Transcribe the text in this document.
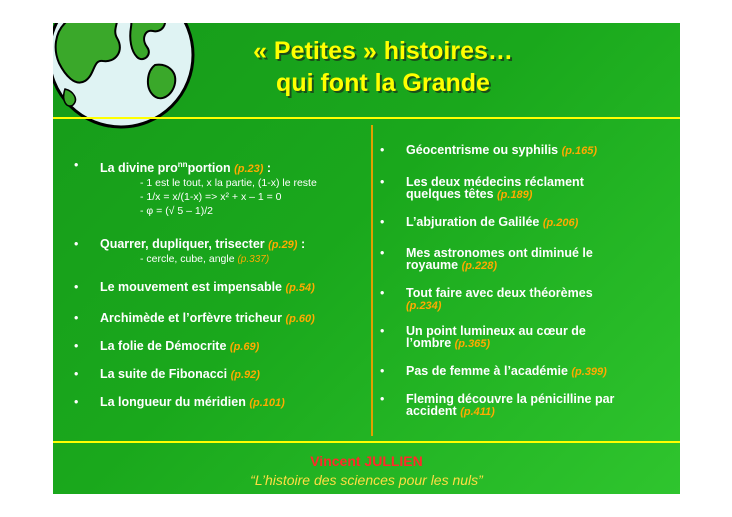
« Petites » histoires…
qui font la Grande
• La divine pro$^{nn}$portion (p.23) :
- 1 est le tout, x la partie, (1-x) le reste
- 1/x = x/(1-x) => x² + x – 1 = 0
- φ = (√ 5 – 1)/2
• Quarrer, dupliquer, trisecter (p.29) :
- cercle, cube, angle (p.337)
• Le mouvement est impensable (p.54)
• Archimède et l’orfèvre tricheur (p.60)
• La folie de Démocrite (p.69)
• La suite de Fibonacci (p.92)
• La longueur du méridien (p.101)
• Géocentrisme ou syphilis (p.165)
• Les deux médecins réclament
quelques têtes (p.189)
• L’abjuration de Galilée (p.206)
• Mes astronomes ont diminué le
royaume (p.228)
• Tout faire avec deux théorèmes
(p.234)
• Un point lumineux au cœur de
l’ombre (p.365)
• Pas de femme à l’académie (p.399)
• Fleming découvre la pénicilline par
accident (p.411)
Vincent JULLIEN
“L’histoire des sciences pour les nuls”
